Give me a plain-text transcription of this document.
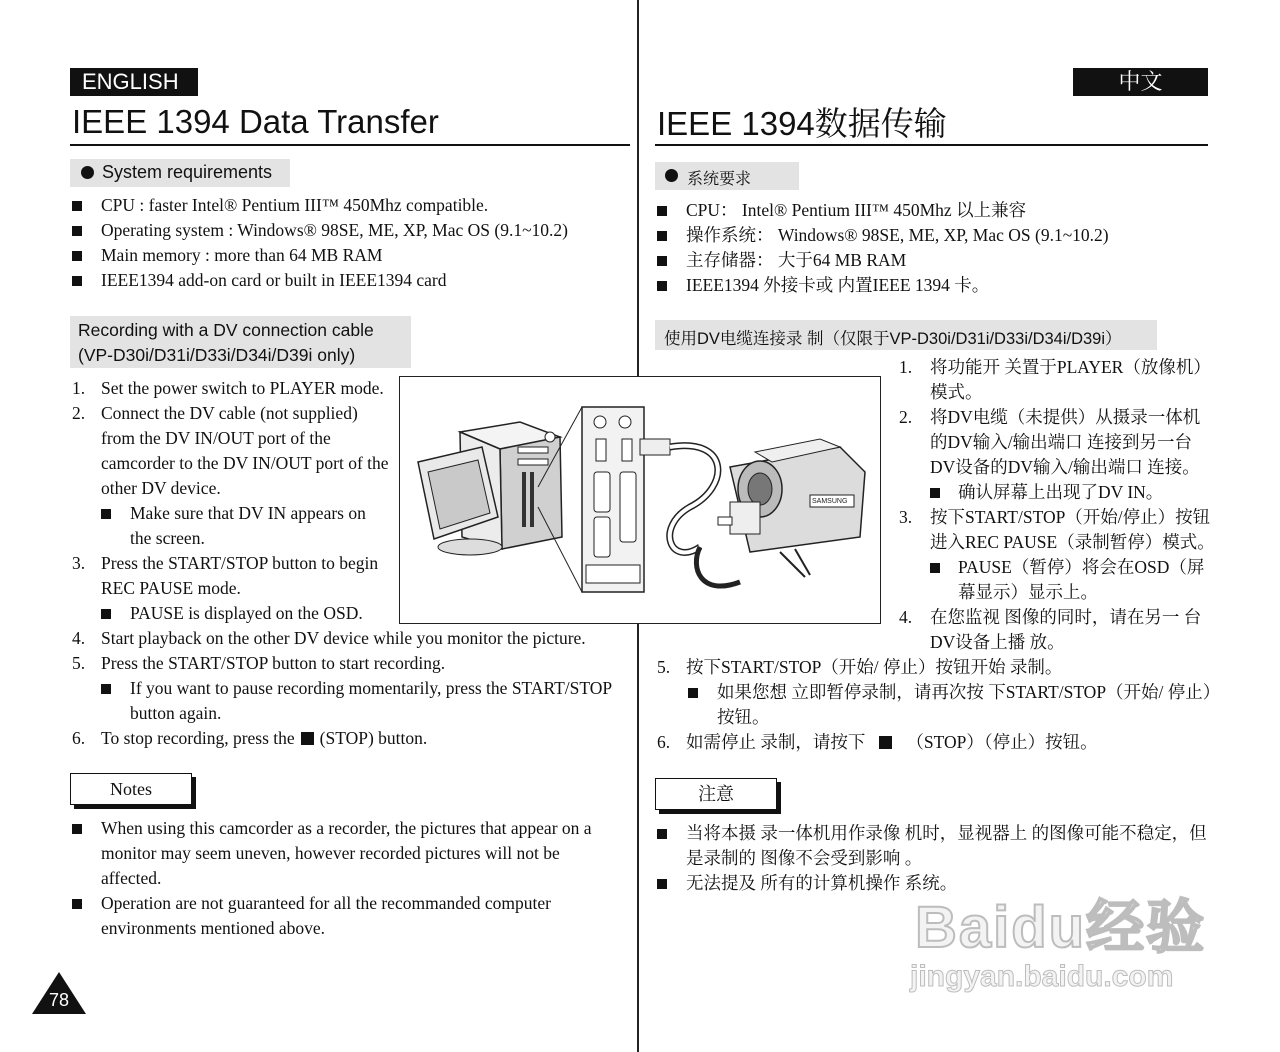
ENGLISH
IEEE 1394 Data Transfer
System requirements
CPU : faster Intel® Pentium III™ 450Mhz compatible.
Operating system : Windows® 98SE, ME, XP, Mac OS (9.1~10.2)
Main memory : more than 64 MB RAM
IEEE1394 add-on card or built in IEEE1394 card
Recording with a DV connection cable
(VP-D30i/D31i/D33i/D34i/D39i only)
1. Set the power switch to PLAYER mode.
2. Connect the DV cable (not supplied)
from the DV IN/OUT port of the
camcorder to the DV IN/OUT port of the
other DV device.
Make sure that DV IN appears on
the screen.
3. Press the START/STOP button to begin
REC PAUSE mode.
PAUSE is displayed on the OSD.
4. Start playback on the other DV device while you monitor the picture.
5. Press the START/STOP button to start recording.
If you want to pause recording momentarily, press the START/STOP
button again.
6. To stop recording, press the (STOP) button.
Notes
When using this camcorder as a recorder, the pictures that appear on a
monitor may seem uneven, however recorded pictures will not be
affected.
Operation are not guaranteed for all the recommanded computer
environments mentioned above.
78
SAMSUNG
中文
IEEE 1394数据传输
系统要求
CPU： Intel® Pentium III™ 450Mhz 以上兼容
操作系统： Windows® 98SE, ME, XP, Mac OS (9.1~10.2)
主存储器： 大于64 MB RAM
IEEE1394 外接卡或 内置IEEE 1394 卡。
使用DV电缆连接录 制（仅限于VP-D30i/D31i/D33i/D34i/D39i）
1. 将功能开 关置于PLAYER（放像机）
模式。
2. 将DV电缆（未提供）从摄录一体机
的DV输入/输出端口 连接到另一台
DV设备的DV输入/输出端口 连接。
确认屏幕上出现了DV IN。
3. 按下START/STOP（开始/停止）按钮
进入REC PAUSE（录制暂停）模式。
PAUSE（暂停）将会在OSD（屏
幕显示）显示上。
4. 在您监视 图像的同时，请在另一 台
DV设备上播 放。
5. 按下START/STOP（开始/ 停止）按钮开始 录制。
如果您想 立即暂停录制，请再次按 下START/STOP（开始/ 停止）
按钮。
6. 如需停止 录制，请按下 （STOP）（停止）按钮。
注意
当将本摄 录一体机用作录像 机时，显视器上 的图像可能不稳定，但
是录制的 图像不会受到影响 。
无法提及 所有的计算机操作 系统。
Baidu经验
jingyan.baidu.com
